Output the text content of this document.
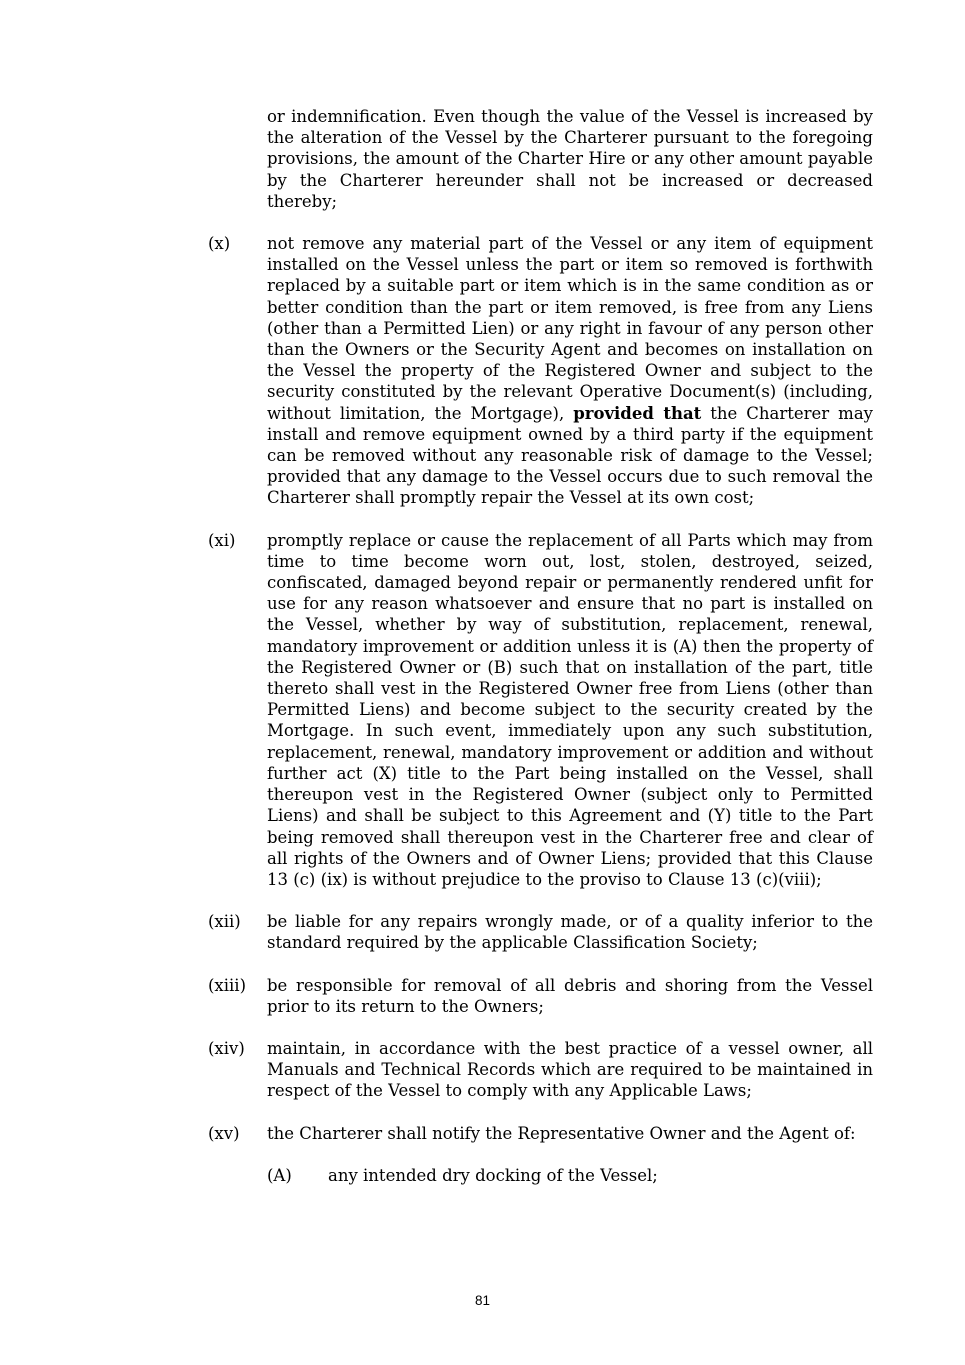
or indemnification. Even though the value of the Vessel is increased by the alteration of the Vessel by the Charterer pursuant to the foregoing provisions, the amount of the Charter Hire or any other amount payable by the Charterer hereunder shall not be increased or decreased thereby;
(x)	not remove any material part of the Vessel or any item of equipment installed on the Vessel unless the part or item so removed is forthwith replaced by a suitable part or item which is in the same condition as or better condition than the part or item removed, is free from any Liens (other than a Permitted Lien) or any right in favour of any person other than the Owners or the Security Agent and becomes on installation on the Vessel the property of the Registered Owner and subject to the security constituted by the relevant Operative Document(s) (including, without limitation, the Mortgage), provided that the Charterer may install and remove equipment owned by a third party if the equipment can be removed without any reasonable risk of damage to the Vessel; provided that any damage to the Vessel occurs due to such removal the Charterer shall promptly repair the Vessel at its own cost;
(xi)	promptly replace or cause the replacement of all Parts which may from time to time become worn out, lost, stolen, destroyed, seized, confiscated, damaged beyond repair or permanently rendered unfit for use for any reason whatsoever and ensure that no part is installed on the Vessel, whether by way of substitution, replacement, renewal, mandatory improvement or addition unless it is (A) then the property of the Registered Owner or (B) such that on installation of the part, title thereto shall vest in the Registered Owner free from Liens (other than Permitted Liens) and become subject to the security created by the Mortgage. In such event, immediately upon any such substitution, replacement, renewal, mandatory improvement or addition and without further act (X) title to the Part being installed on the Vessel, shall thereupon vest in the Registered Owner (subject only to Permitted Liens) and shall be subject to this Agreement and (Y) title to the Part being removed shall thereupon vest in the Charterer free and clear of all rights of the Owners and of Owner Liens; provided that this Clause 13 (c) (ix) is without prejudice to the proviso to Clause 13 (c)(viii);
(xii)	be liable for any repairs wrongly made, or of a quality inferior to the standard required by the applicable Classification Society;
(xiii)	be responsible for removal of all debris and shoring from the Vessel prior to its return to the Owners;
(xiv)	maintain, in accordance with the best practice of a vessel owner, all Manuals and Technical Records which are required to be maintained in respect of the Vessel to comply with any Applicable Laws;
(xv)	the Charterer shall notify the Representative Owner and the Agent of:
(A)	any intended dry docking of the Vessel;
81
